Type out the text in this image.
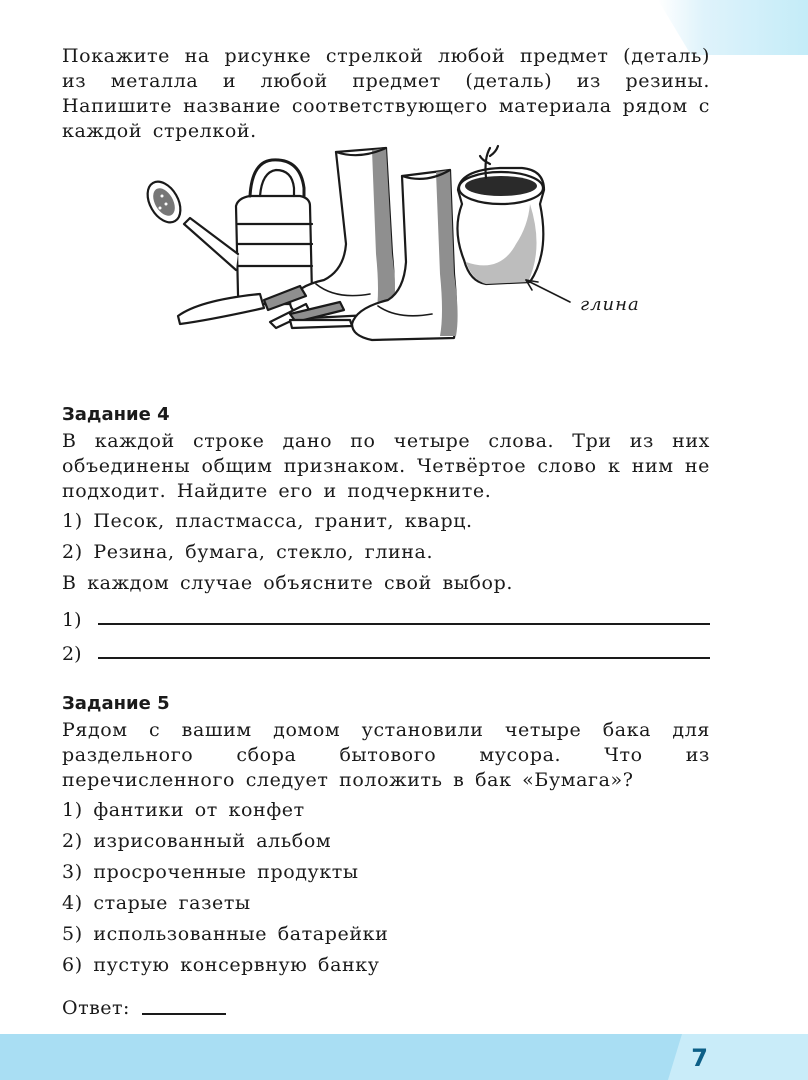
Покажите на рисунке стрелкой любой предмет (деталь) из металла и любой предмет (деталь) из резины. Напишите название соответствующего материала рядом с каждой стрелкой.

глина

Задание 4

В каждой строке дано по четыре слова. Три из них объединены общим признаком. Четвёртое слово к ним не подходит. Найдите его и подчеркните.

1) Песок, пластмасса, гранит, кварц.

2) Резина, бумага, стекло, глина.

В каждом случае объясните свой выбор.

1)
2)

Задание 5

Рядом с вашим домом установили четыре бака для раздельного сбора бытового мусора. Что из перечисленного следует положить в бак «Бумага»?

1) фантики от конфет

2) изрисованный альбом

3) просроченные продукты

4) старые газеты

5) использованные батарейки

6) пустую консервную банку

Ответ:
7
